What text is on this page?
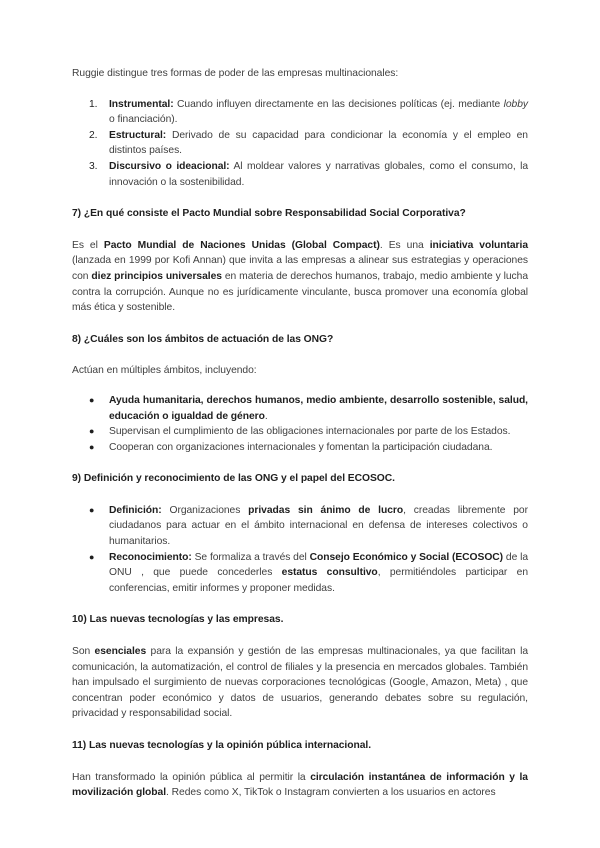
Ruggie distingue tres formas de poder de las empresas multinacionales:

1. Instrumental: Cuando influyen directamente en las decisiones políticas (ej. mediante lobby o financiación).
2. Estructural: Derivado de su capacidad para condicionar la economía y el empleo en distintos países.
3. Discursivo o ideacional: Al moldear valores y narrativas globales, como el consumo, la innovación o la sostenibilidad.

7) ¿En qué consiste el Pacto Mundial sobre Responsabilidad Social Corporativa?

Es el Pacto Mundial de Naciones Unidas (Global Compact). Es una iniciativa voluntaria (lanzada en 1999 por Kofi Annan) que invita a las empresas a alinear sus estrategias y operaciones con diez principios universales en materia de derechos humanos, trabajo, medio ambiente y lucha contra la corrupción. Aunque no es jurídicamente vinculante, busca promover una economía global más ética y sostenible.

8) ¿Cuáles son los ámbitos de actuación de las ONG?

Actúan en múltiples ámbitos, incluyendo:

● Ayuda humanitaria, derechos humanos, medio ambiente, desarrollo sostenible, salud, educación o igualdad de género.
● Supervisan el cumplimiento de las obligaciones internacionales por parte de los Estados.
● Cooperan con organizaciones internacionales y fomentan la participación ciudadana.

9) Definición y reconocimiento de las ONG y el papel del ECOSOC.

● Definición: Organizaciones privadas sin ánimo de lucro, creadas libremente por ciudadanos para actuar en el ámbito internacional en defensa de intereses colectivos o humanitarios.
● Reconocimiento: Se formaliza a través del Consejo Económico y Social (ECOSOC) de la ONU , que puede concederles estatus consultivo, permitiéndoles participar en conferencias, emitir informes y proponer medidas.

10) Las nuevas tecnologías y las empresas.

Son esenciales para la expansión y gestión de las empresas multinacionales, ya que facilitan la comunicación, la automatización, el control de filiales y la presencia en mercados globales. También han impulsado el surgimiento de nuevas corporaciones tecnológicas (Google, Amazon, Meta) , que concentran poder económico y datos de usuarios, generando debates sobre su regulación, privacidad y responsabilidad social.

11) Las nuevas tecnologías y la opinión pública internacional.

Han transformado la opinión pública al permitir la circulación instantánea de información y la movilización global. Redes como X, TikTok o Instagram convierten a los usuarios en actores
